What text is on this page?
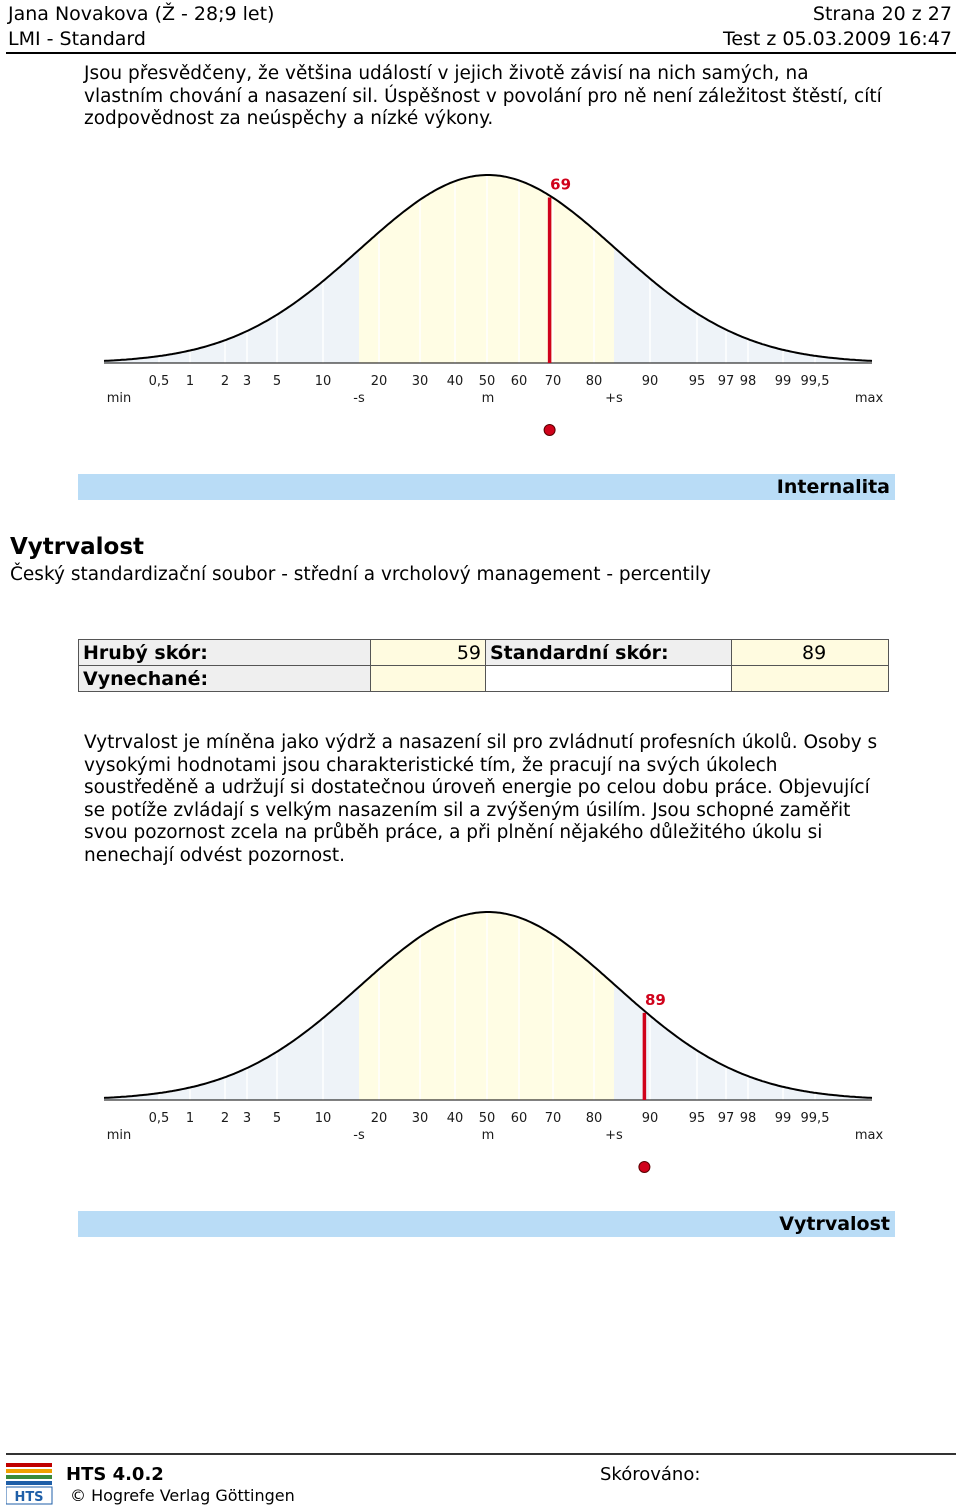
Jana Novakova (Ž - 28;9 let)	Strana 20 z 27
LMI - Standard	Test z 05.03.2009 16:47
Jsou přesvědčeny, že většina událostí v jejich životě závisí na nich samých, na
vlastním chování a nasazení sil. Úspěšnost v povolání pro ně není záležitost štěstí, cítí
zodpovědnost za neúspěchy a nízké výkony.
0,5 1 2 3 5	10	20 30 40 50 60 70 80	90 95 97 98 99 99,5
min	-s	m	+s	max
69
Internalita
Vytrvalost
Český standardizační soubor - střední a vrcholový management - percentily
Hrubý skór:	59	Standardní skór:	89
Vynechané:			
Vytrvalost je míněna jako výdrž a nasazení sil pro zvládnutí profesních úkolů. Osoby s
vysokými hodnotami jsou charakteristické tím, že pracují na svých úkolech
soustředěně a udržují si dostatečnou úroveň energie po celou dobu práce. Objevující
se potíže zvládají s velkým nasazením sil a zvýšeným úsilím. Jsou schopné zaměřit
svou pozornost zcela na průběh práce, a při plnění nějakého důležitého úkolu si
nenechají odvést pozornost.
0,5 1 2 3 5	10	20 30 40 50 60 70 80	90 95 97 98 99 99,5
min	-s	m	+s	max
89
Vytrvalost
HTS
HTS 4.0.2
© Hogrefe Verlag Göttingen
Skórováno:
